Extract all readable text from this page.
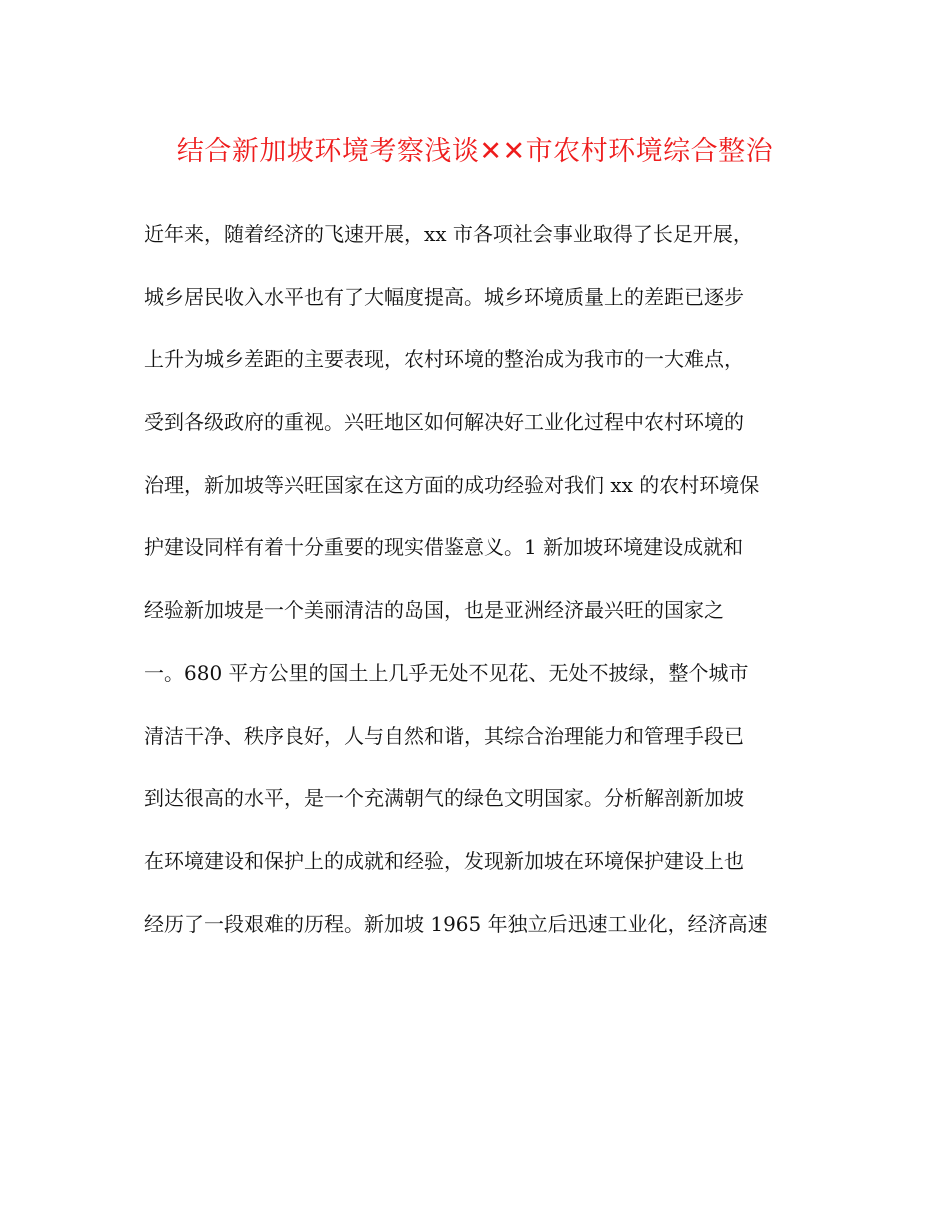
结合新加坡环境考察浅谈✕✕市农村环境综合整治
近年来，随着经济的飞速开展，xx 市各项社会事业取得了长足开展，
城乡居民收入水平也有了大幅度提高。城乡环境质量上的差距已逐步
上升为城乡差距的主要表现，农村环境的整治成为我市的一大难点，
受到各级政府的重视。兴旺地区如何解决好工业化过程中农村环境的
治理，新加坡等兴旺国家在这方面的成功经验对我们 xx 的农村环境保
护建设同样有着十分重要的现实借鉴意义。1 新加坡环境建设成就和
经验新加坡是一个美丽清洁的岛国，也是亚洲经济最兴旺的国家之
一。680 平方公里的国土上几乎无处不见花、无处不披绿，整个城市
清洁干净、秩序良好，人与自然和谐，其综合治理能力和管理手段已
到达很高的水平，是一个充满朝气的绿色文明国家。分析解剖新加坡
在环境建设和保护上的成就和经验，发现新加坡在环境保护建设上也
经历了一段艰难的历程。新加坡 1965 年独立后迅速工业化，经济高速
